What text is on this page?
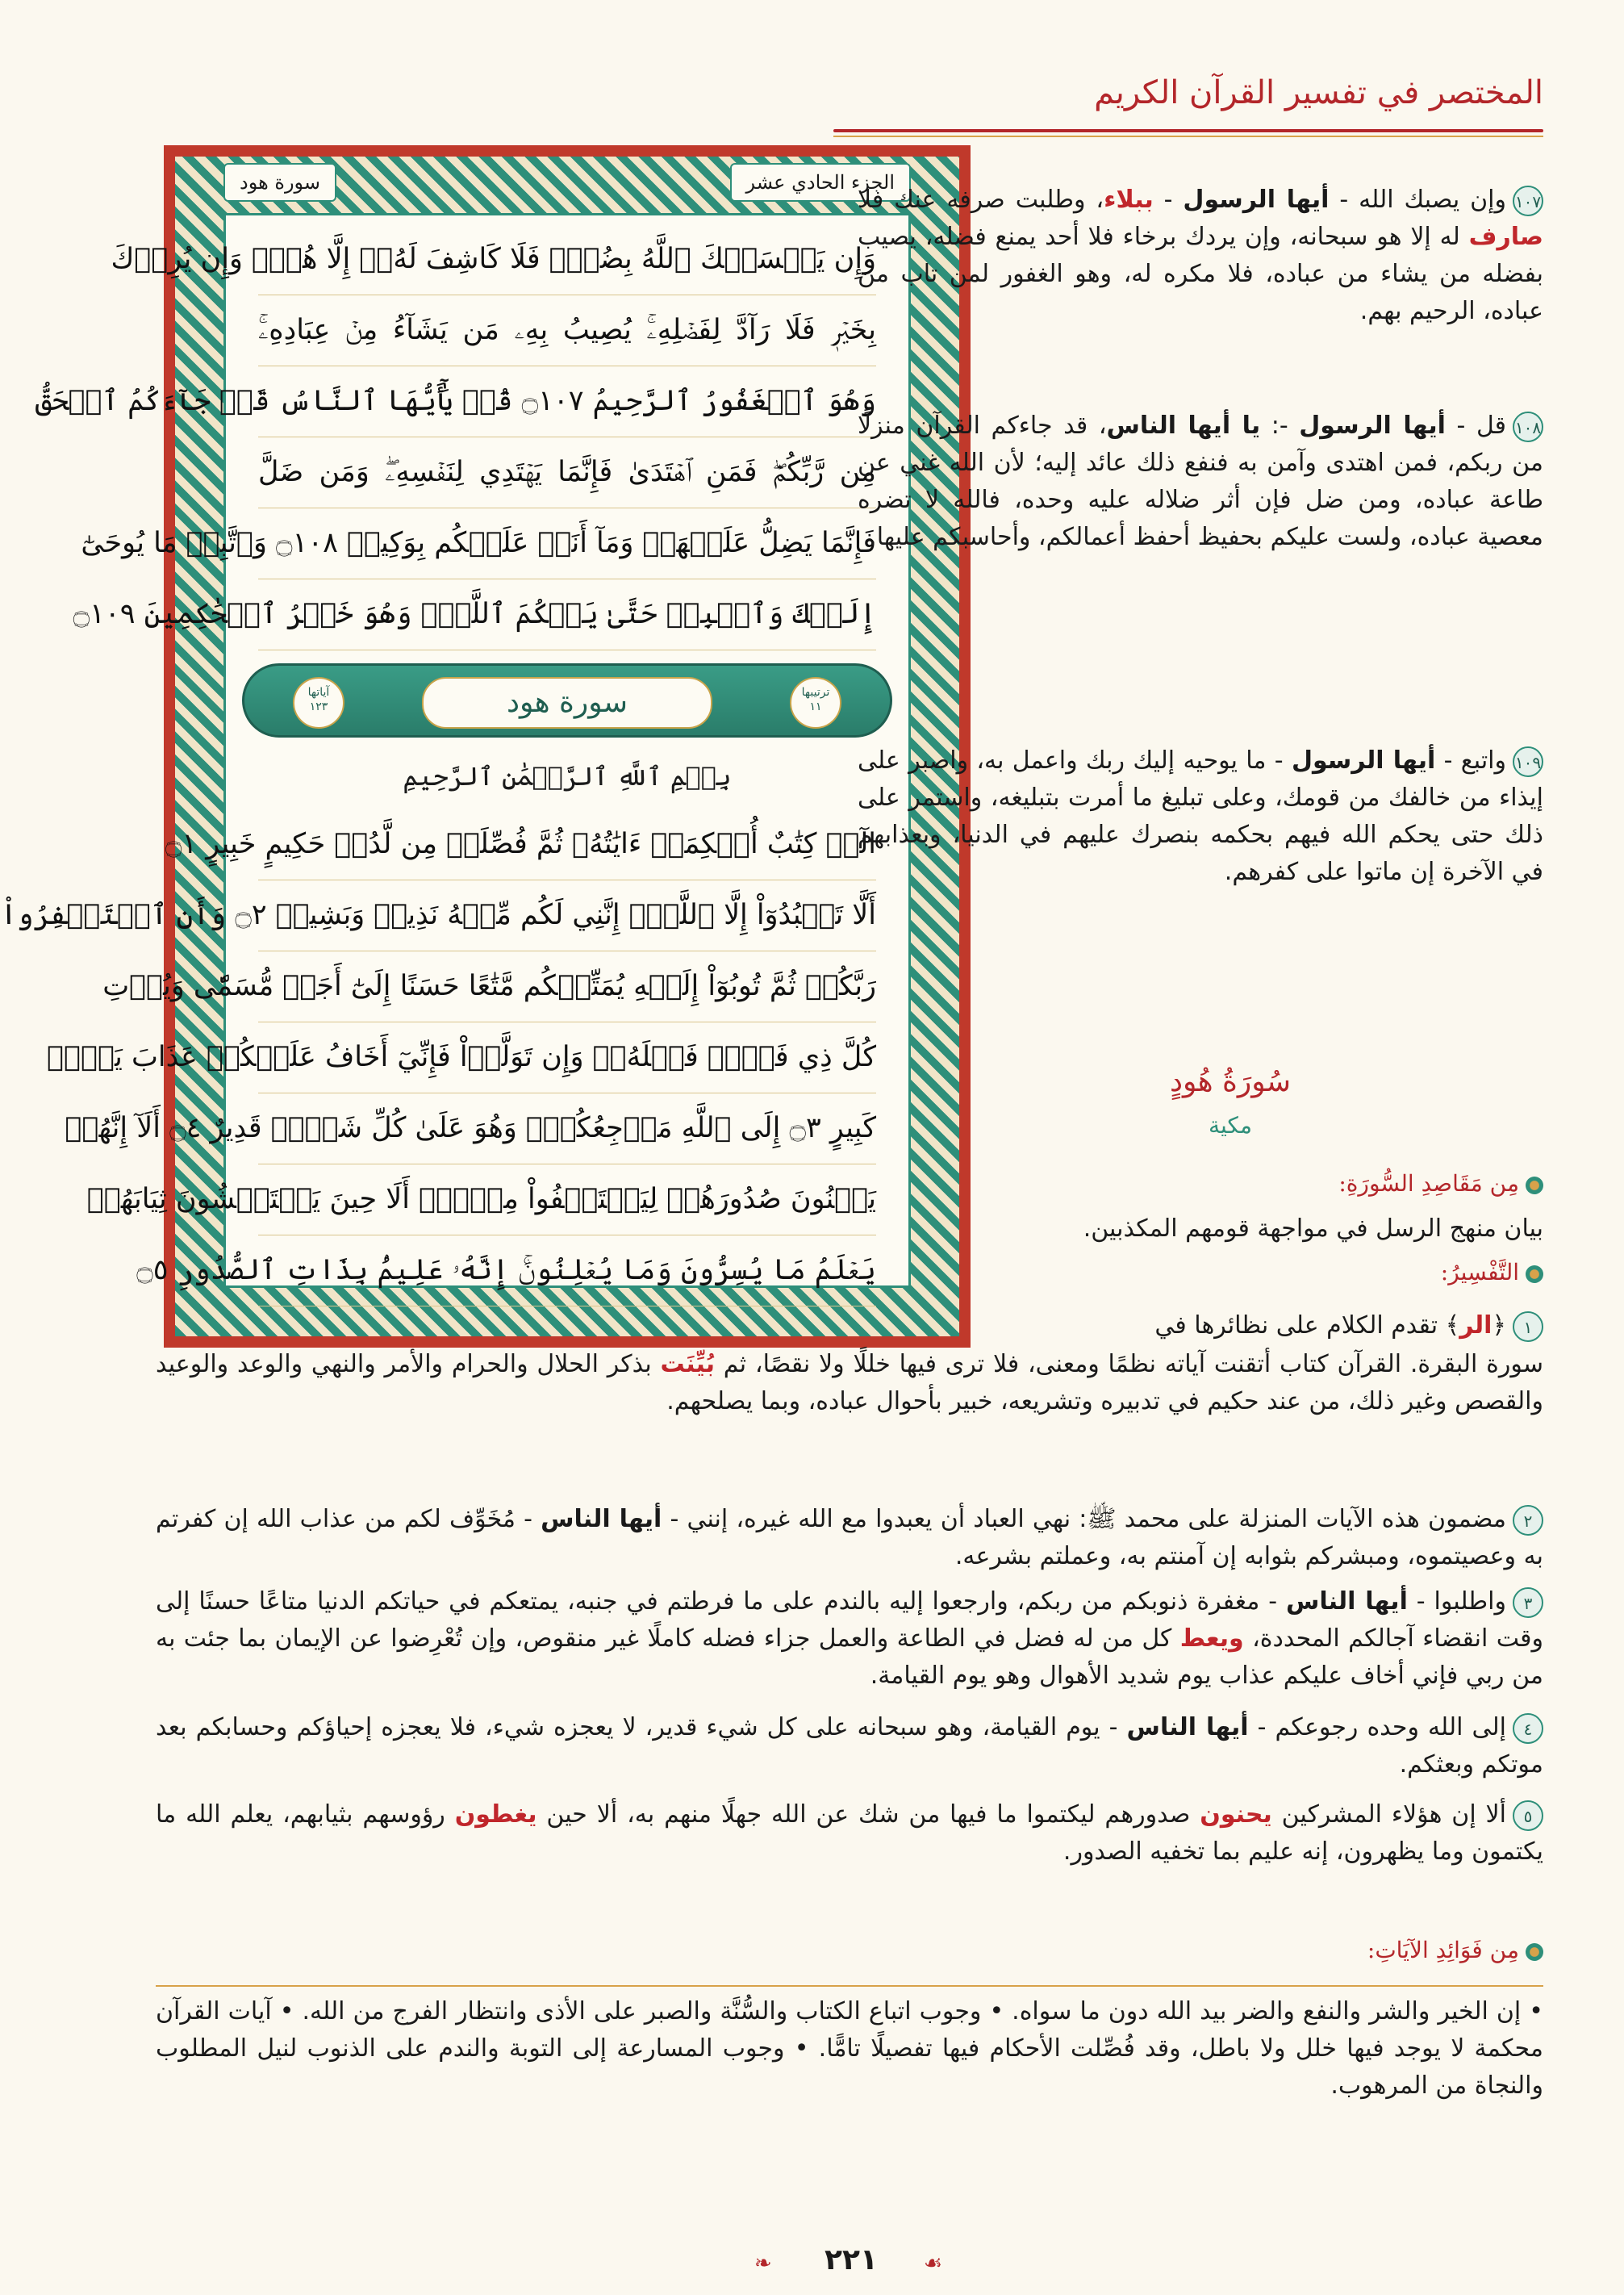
المختصر في تفسير القرآن الكريم
الجزء الحادي عشر
سورة هود
وَإِن يَمۡسَسۡكَ ٱللَّهُ بِضُرّٖ فَلَا كَاشِفَ لَهُۥٓ إِلَّا هُوَۖ وَإِن يُرِدۡكَ
بِخَيۡرٖ فَلَا رَآدَّ لِفَضۡلِهِۦۚ يُصِيبُ بِهِۦ مَن يَشَآءُ مِنۡ عِبَادِهِۦۚ
وَهُوَ ٱلۡغَفُورُ ٱلرَّحِيمُ ۝١٠٧ قُلۡ يَٰٓأَيُّهَا ٱلنَّاسُ قَدۡ جَآءَكُمُ ٱلۡحَقُّ
مِن رَّبِّكُمۡۖ فَمَنِ ٱهۡتَدَىٰ فَإِنَّمَا يَهۡتَدِي لِنَفۡسِهِۦۖ وَمَن ضَلَّ
فَإِنَّمَا يَضِلُّ عَلَيۡهَاۖ وَمَآ أَنَا۠ عَلَيۡكُم بِوَكِيلٖ ۝١٠٨ وَٱتَّبِعۡ مَا يُوحَىٰٓ
إِلَيۡكَ وَٱصۡبِرۡ حَتَّىٰ يَحۡكُمَ ٱللَّهُۚ وَهُوَ خَيۡرُ ٱلۡحَٰكِمِينَ ۝١٠٩
آياتها
١٢٣	سورة هود	ترتيبها
١١
بِسۡمِ ٱللَّهِ ٱلرَّحۡمَٰنِ ٱلرَّحِيمِ
الٓرۚ كِتَٰبٌ أُحۡكِمَتۡ ءَايَٰتُهُۥ ثُمَّ فُصِّلَتۡ مِن لَّدُنۡ حَكِيمٍ خَبِيرٍ ۝١
أَلَّا تَعۡبُدُوٓاْ إِلَّا ٱللَّهَۚ إِنَّنِي لَكُم مِّنۡهُ نَذِيرٞ وَبَشِيرٞ ۝٢ وَأَنِ ٱسۡتَغۡفِرُواْ
رَبَّكُمۡ ثُمَّ تُوبُوٓاْ إِلَيۡهِ يُمَتِّعۡكُم مَّتَٰعًا حَسَنًا إِلَىٰٓ أَجَلٖ مُّسَمّٗى وَيُؤۡتِ
كُلَّ ذِي فَضۡلٖ فَضۡلَهُۥۖ وَإِن تَوَلَّوۡاْ فَإِنِّيٓ أَخَافُ عَلَيۡكُمۡ عَذَابَ يَوۡمٖ
كَبِيرٍ ۝٣ إِلَى ٱللَّهِ مَرۡجِعُكُمۡۖ وَهُوَ عَلَىٰ كُلِّ شَيۡءٖ قَدِيرٌ ۝٤ أَلَآ إِنَّهُمۡ
يَثۡنُونَ صُدُورَهُمۡ لِيَسۡتَخۡفُواْ مِنۡهُۚ أَلَا حِينَ يَسۡتَغۡشُونَ ثِيَابَهُمۡ
يَعۡلَمُ مَا يُسِرُّونَ وَمَا يُعۡلِنُونَۚ إِنَّهُۥ عَلِيمُۢ بِذَاتِ ٱلصُّدُورِ ۝٥
١٠٧وإن يصبك الله - أيها الرسول - ببلاء، وطلبت صرفه عنك فلا صارف له إلا هو سبحانه، وإن يردك برخاء فلا أحد يمنع فضله، يصيب بفضله من يشاء من عباده، فلا مكره له، وهو الغفور لمن تاب من عباده، الرحيم بهم.
١٠٨قل - أيها الرسول -: يا أيها الناس، قد جاءكم القرآن منزلًا من ربكم، فمن اهتدى وآمن به فنفع ذلك عائد إليه؛ لأن الله غني عن طاعة عباده، ومن ضل فإن أثر ضلاله عليه وحده، فالله لا تضره معصية عباده، ولست عليكم بحفيظ أحفظ أعمالكم، وأحاسبكم عليها.
١٠٩واتبع - أيها الرسول - ما يوحيه إليك ربك واعمل به، واصبر على إيذاء من خالفك من قومك، وعلى تبليغ ما أمرت بتبليغه، واستمر على ذلك حتى يحكم الله فيهم بحكمه بنصرك عليهم في الدنيا، وبعذابهم في الآخرة إن ماتوا على كفرهم.
سُورَةُ هُودٍ
مكية
مِن مَقَاصِدِ السُّورَةِ:
بيان منهج الرسل في مواجهة قومهم المكذبين.
التَّفْسِيرُ:
١﴿الر﴾ تقدم الكلام على نظائرها في
سورة البقرة. القرآن كتاب أتقنت آياته نظمًا ومعنى، فلا ترى فيها خللًا ولا نقصًا، ثم بُيِّنَت بذكر الحلال والحرام والأمر والنهي والوعد والوعيد والقصص وغير ذلك، من عند حكيم في تدبيره وتشريعه، خبير بأحوال عباده، وبما يصلحهم.
٢مضمون هذه الآيات المنزلة على محمد ﷺ: نهي العباد أن يعبدوا مع الله غيره، إنني - أيها الناس - مُخَوِّف لكم من عذاب الله إن كفرتم به وعصيتموه، ومبشركم بثوابه إن آمنتم به، وعملتم بشرعه.
٣واطلبوا - أيها الناس - مغفرة ذنوبكم من ربكم، وارجعوا إليه بالندم على ما فرطتم في جنبه، يمتعكم في حياتكم الدنيا متاعًا حسنًا إلى وقت انقضاء آجالكم المحددة، ويعط كل من له فضل في الطاعة والعمل جزاء فضله كاملًا غير منقوص، وإن تُعْرِضوا عن الإيمان بما جئت به من ربي فإني أخاف عليكم عذاب يوم شديد الأهوال وهو يوم القيامة.
٤إلى الله وحده رجوعكم - أيها الناس - يوم القيامة، وهو سبحانه على كل شيء قدير، لا يعجزه شيء، فلا يعجزه إحياؤكم وحسابكم بعد موتكم وبعثكم.
٥ألا إن هؤلاء المشركين يحنون صدورهم ليكتموا ما فيها من شك عن الله جهلًا منهم به، ألا حين يغطون رؤوسهم بثيابهم، يعلم الله ما يكتمون وما يظهرون، إنه عليم بما تخفيه الصدور.
مِن فَوَائِدِ الآيَاتِ:
• إن الخير والشر والنفع والضر بيد الله دون ما سواه. • وجوب اتباع الكتاب والسُّنَّة والصبر على الأذى وانتظار الفرج من الله. • آيات القرآن محكمة لا يوجد فيها خلل ولا باطل، وقد فُصِّلت الأحكام فيها تفصيلًا تامًّا. • وجوب المسارعة إلى التوبة والندم على الذنوب لنيل المطلوب والنجاة من المرهوب.
❧	٢٢١	☙
